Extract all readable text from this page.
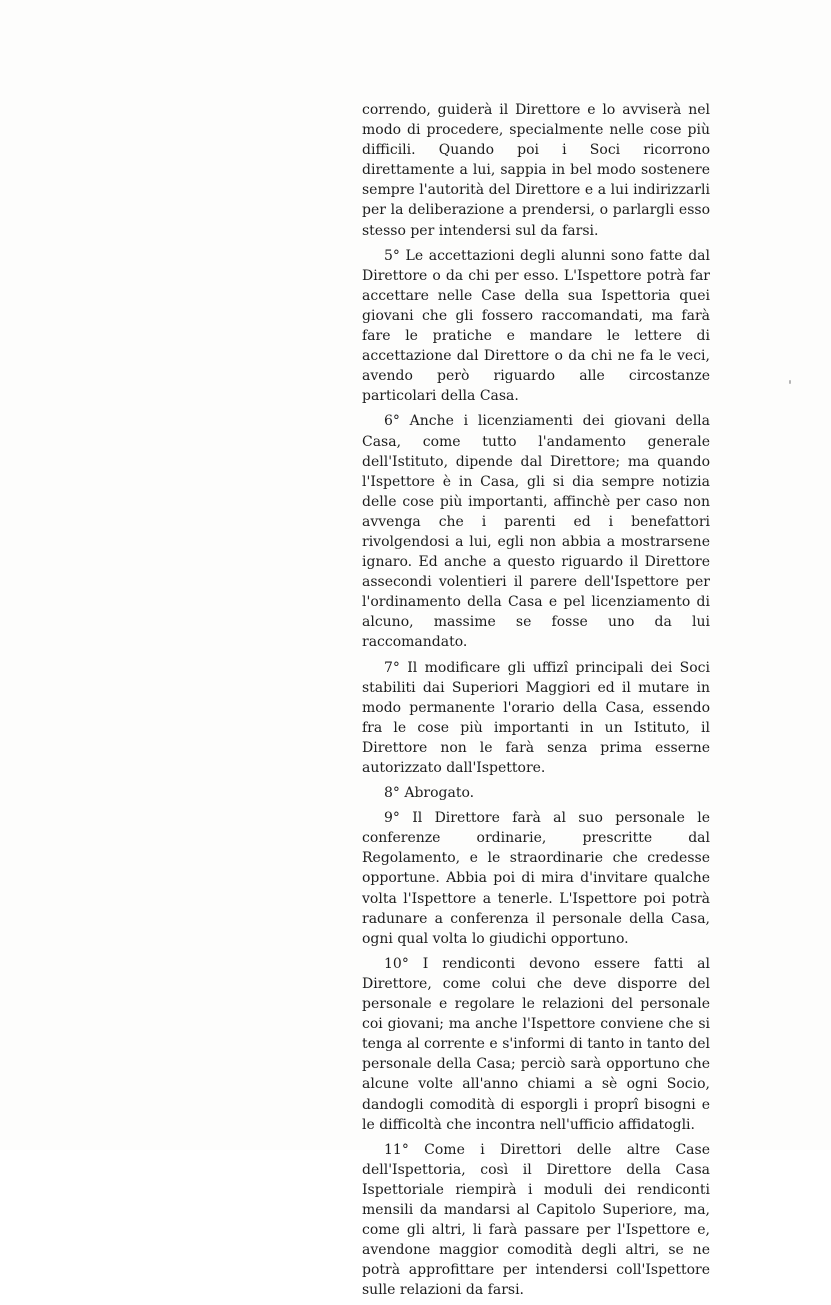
correndo, guiderà il Direttore e lo avviserà nel modo di procedere, specialmente nelle cose più difficili. Quando poi i Soci ricorrono direttamente a lui, sappia in bel modo sostenere sempre l'autorità del Direttore e a lui indirizzarli per la deliberazione a prendersi, o parlargli esso stesso per intendersi sul da farsi.

5° Le accettazioni degli alunni sono fatte dal Direttore o da chi per esso. L'Ispettore potrà far accettare nelle Case della sua Ispettoria quei giovani che gli fossero raccomandati, ma farà fare le pratiche e mandare le lettere di accettazione dal Direttore o da chi ne fa le veci, avendo però riguardo alle circostanze particolari della Casa.

6° Anche i licenziamenti dei giovani della Casa, come tutto l'andamento generale dell'Istituto, dipende dal Direttore; ma quando l'Ispettore è in Casa, gli si dia sempre notizia delle cose più importanti, affinchè per caso non avvenga che i parenti ed i benefattori rivolgendosi a lui, egli non abbia a mostrarsene ignaro. Ed anche a questo riguardo il Direttore assecondi volentieri il parere dell'Ispettore per l'ordinamento della Casa e pel licenziamento di alcuno, massime se fosse uno da lui raccomandato.

7° Il modificare gli uffizî principali dei Soci stabiliti dai Superiori Maggiori ed il mutare in modo permanente l'orario della Casa, essendo fra le cose più importanti in un Istituto, il Direttore non le farà senza prima esserne autorizzato dall'Ispettore.

8° Abrogato.

9° Il Direttore farà al suo personale le conferenze ordinarie, prescritte dal Regolamento, e le straordinarie che credesse opportune. Abbia poi di mira d'invitare qualche volta l'Ispettore a tenerle. L'Ispettore poi potrà radunare a conferenza il personale della Casa, ogni qual volta lo giudichi opportuno.

10° I rendiconti devono essere fatti al Direttore, come colui che deve disporre del personale e regolare le relazioni del personale coi giovani; ma anche l'Ispettore conviene che si tenga al corrente e s'informi di tanto in tanto del personale della Casa; perciò sarà opportuno che alcune volte all'anno chiami a sè ogni Socio, dandogli comodità di esporgli i proprî bisogni e le difficoltà che incontra nell'ufficio affidatogli.

11° Come i Direttori delle altre Case dell'Ispettoria, così il Direttore della Casa Ispettoriale riempirà i moduli dei rendiconti mensili da mandarsi al Capitolo Superiore, ma, come gli altri, li farà passare per l'Ispettore e, avendone maggior comodità degli altri, se ne potrà approfittare per intendersi coll'Ispettore sulle relazioni da farsi.
